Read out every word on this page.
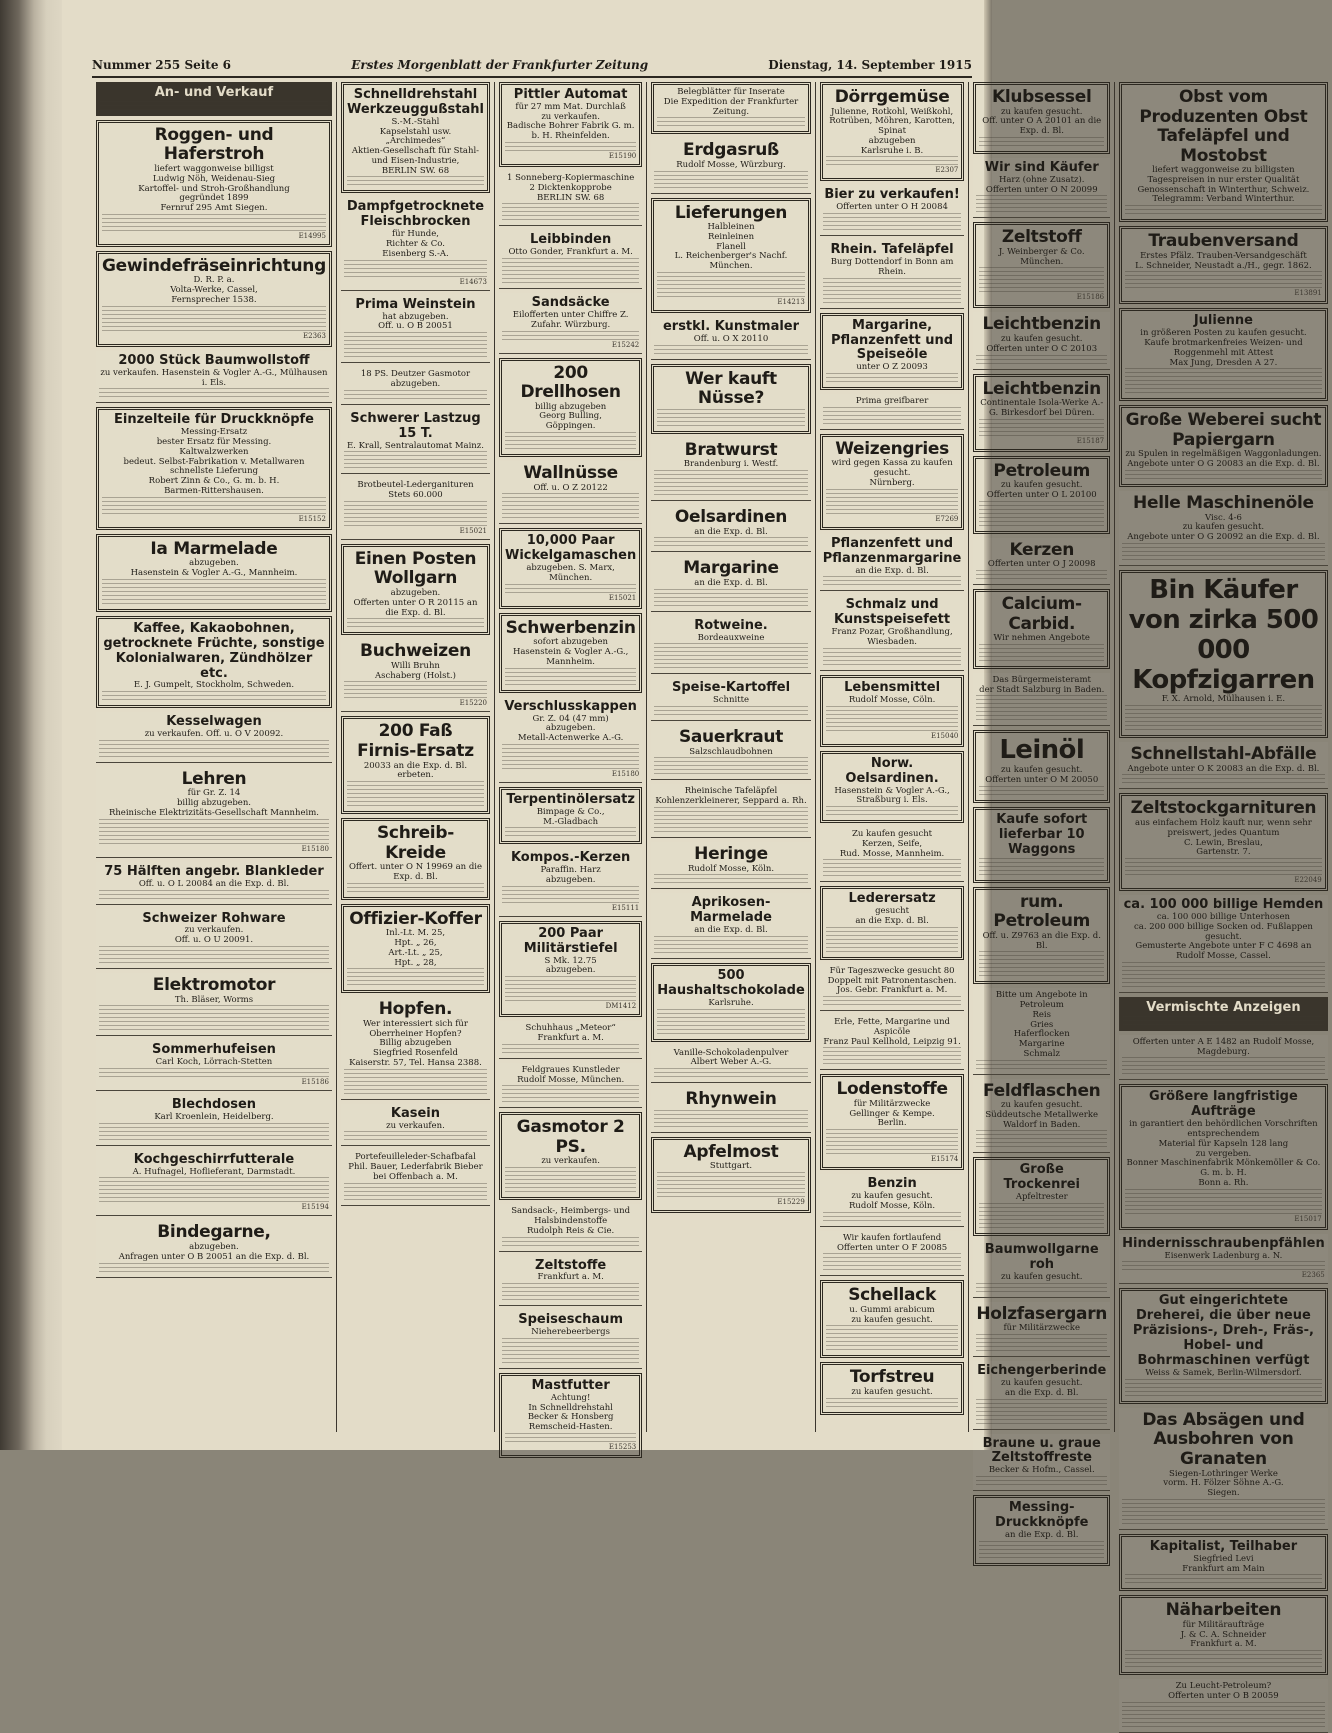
Nummer 255 Seite 6	Erstes Morgenblatt der Frankfurter Zeitung	Dienstag, 14. September 1915
An- und Verkauf
Roggen- und Haferstroh
liefert waggonweise billigst
Ludwig Nöh, Weidenau-Sieg
Kartoffel- und Stroh-Großhandlung
gegründet 1899
Fernruf 295 Amt Siegen.
E14995
Gewindefräseinrichtung
D. R. P. a.
Volta-Werke, Cassel,
Fernsprecher 1538.
E2363
2000 Stück Baumwollstoff
zu verkaufen. Hasenstein & Vogler A.-G., Mülhausen i. Els.
Einzelteile für Druckknöpfe
Messing-Ersatz
bester Ersatz für Messing.
Kaltwalzwerken
bedeut. Selbst-Fabrikation v. Metallwaren
schnellste Lieferung
Robert Zinn & Co., G. m. b. H.
Barmen-Rittershausen.
E15152
Ia Marmelade
abzugeben.
Hasenstein & Vogler A.-G., Mannheim.
Kaffee, Kakaobohnen, getrocknete Früchte, sonstige Kolonialwaren, Zündhölzer etc.
E. J. Gumpelt, Stockholm, Schweden.
Kesselwagen
zu verkaufen. Off. u. O V 20092.
Lehren
für Gr. Z. 14
billig abzugeben.
Rheinische Elektrizitäts-Gesellschaft Mannheim.
E15180
75 Hälften angebr. Blankleder
Off. u. O L 20084 an die Exp. d. Bl.
Schweizer Rohware
zu verkaufen.
Off. u. O U 20091.
Elektromotor
Th. Bläser, Worms
Sommerhufeisen
Carl Koch, Lörrach-Stetten
E15186
Blechdosen
Karl Kroenlein, Heidelberg.
Kochgeschirrfutterale
A. Hufnagel, Hoflieferant, Darmstadt.
E15194
Bindegarne,
abzugeben.
Anfragen unter O B 20051 an die Exp. d. Bl.
Schnelldrehstahl Werkzeuggußstahl
S.-M.-Stahl
Kapselstahl usw.
„Archimedes“
Aktien-Gesellschaft für Stahl- und Eisen-Industrie,
BERLIN SW. 68
Dampfgetrocknete Fleischbrocken
für Hunde,
Richter & Co.
Eisenberg S.-A.
E14673
Prima Weinstein
hat abzugeben.
Off. u. O B 20051
18 PS. Deutzer Gasmotor
abzugeben.
Schwerer Lastzug 15 T.
E. Krall, Sentralautomat Mainz.
Brotbeutel-Lederganituren
Stets 60.000
E15021
Einen Posten Wollgarn
abzugeben.
Offerten unter O R 20115 an die Exp. d. Bl.
Buchweizen
Willi Bruhn
Aschaberg (Holst.)
E15220
200 Faß Firnis-Ersatz
20033 an die Exp. d. Bl. erbeten.
Schreib-Kreide
Offert. unter O N 19969 an die Exp. d. Bl.
Offizier-Koffer
Inl.-Lt. M. 25,
Hpt. „ 26,
Art.-Lt. „ 25,
Hpt. „ 28,
Hopfen.
Wer interessiert sich für Oberrheiner Hopfen?
Billig abzugeben
Siegfried Rosenfeld
Kaiserstr. 57, Tel. Hansa 2388.
Kasein
zu verkaufen.
Portefeuilleleder-Schafbafal
Phil. Bauer, Lederfabrik Bieber bei Offenbach a. M.
Pittler Automat
für 27 mm Mat. Durchlaß
zu verkaufen.
Badische Bohrer Fabrik G. m. b. H. Rheinfelden.
E15190
1 Sonneberg-Kopiermaschine
2 Dicktenkopprobe
BERLIN SW. 68
Leibbinden
Otto Gonder, Frankfurt a. M.
Sandsäcke
Eilofferten unter Chiffre Z. Zufahr. Würzburg.
E15242
200 Drellhosen
billig abzugeben
Georg Bulling,
Göppingen.
Wallnüsse
Off. u. O Z 20122
10,000 Paar Wickelgamaschen
abzugeben. S. Marx, München.
E15021
Schwerbenzin
sofort abzugeben
Hasenstein & Vogler A.-G., Mannheim.
Verschlusskappen
Gr. Z. 04 (47 mm)
abzugeben.
Metall-Actenwerke A.-G.
E15180
Terpentinölersatz
Bimpage & Co.,
M.-Gladbach
Kompos.-Kerzen
Paraffin. Harz
abzugeben.
E15111
200 Paar Militärstiefel
S Mk. 12.75
abzugeben.
DM1412
Schuhhaus „Meteor“
Frankfurt a. M.
Feldgraues Kunstleder
Rudolf Mosse, München.
Gasmotor 2 PS.
zu verkaufen.
Sandsack-, Heimbergs- und Halsbindenstoffe
Rudolph Reis & Cie.
Zeltstoffe
Frankfurt a. M.
Speiseschaum
Nieherebeerbergs
Mastfutter
Achtung!
In Schnelldrehstahl
Becker & Honsberg
Remscheid-Hasten.
E15253
Belegblätter für Inserate
Die Expedition der Frankfurter Zeitung.
Erdgasruß
Rudolf Mosse, Würzburg.
Lieferungen
Halbleinen
Reinleinen
Flanell
L. Reichenberger's Nachf.
München.
E14213
erstkl. Kunstmaler
Off. u. O X 20110
Wer kauft Nüsse?
Bratwurst
Brandenburg i. Westf.
Oelsardinen
an die Exp. d. Bl.
Margarine
an die Exp. d. Bl.
Rotweine.
Bordeauxweine
Speise-Kartoffel
Schnitte
Sauerkraut
Salzschlaudbohnen
Rheinische Tafeläpfel
Kohlenzerkleinerer, Seppard a. Rh.
Heringe
Rudolf Mosse, Köln.
Aprikosen-Marmelade
an die Exp. d. Bl.
500 Haushaltschokolade
Karlsruhe.
Vanille-Schokoladenpulver
Albert Weber A.-G.
Rhynwein
Apfelmost
Stuttgart.
E15229
Dörrgemüse
Julienne, Rotkohl, Weißkohl, Rotrüben, Möhren, Karotten, Spinat
abzugeben
Karlsruhe i. B.
E2307
Bier zu verkaufen!
Offerten unter O H 20084
Rhein. Tafeläpfel
Burg Dottendorf in Bonn am Rhein.
Margarine, Pflanzenfett und Speiseöle
unter O Z 20093
Prima greifbarer
Weizengries
wird gegen Kassa zu kaufen gesucht.
Nürnberg.
E7269
Pflanzenfett und Pflanzenmargarine
an die Exp. d. Bl.
Schmalz und Kunstspeisefett
Franz Pozar, Großhandlung, Wiesbaden.
Lebensmittel
Rudolf Mosse, Cöln.
E15040
Norw. Oelsardinen.
Hasenstein & Vogler A.-G., Straßburg i. Els.
Zu kaufen gesucht
Kerzen, Seife,
Rud. Mosse, Mannheim.
Lederersatz
gesucht
an die Exp. d. Bl.
Für Tageszwecke gesucht 80 Doppelt mit Patronentaschen.
Jos. Gebr. Frankfurt a. M.
Erle, Fette, Margarine und Aspicöle
Franz Paul Kellhold, Leipzig 91.
Lodenstoffe
für Militärzwecke
Gellinger & Kempe.
Berlin.
E15174
Benzin
zu kaufen gesucht.
Rudolf Mosse, Köln.
Wir kaufen fortlaufend
Offerten unter O F 20085
Schellack
u. Gummi arabicum
zu kaufen gesucht.
Torfstreu
zu kaufen gesucht.
Klubsessel
zu kaufen gesucht.
Off. unter O A 20101 an die Exp. d. Bl.
Wir sind Käufer
Harz (ohne Zusatz).
Offerten unter O N 20099
Zeltstoff
J. Weinberger & Co. München.
E15186
Leichtbenzin
zu kaufen gesucht.
Offerten unter O C 20103
Leichtbenzin
Continentale Isola-Werke A.-G. Birkesdorf bei Düren.
E15187
Petroleum
zu kaufen gesucht.
Offerten unter O L 20100
Kerzen
Offerten unter O J 20098
Calcium-Carbid.
Wir nehmen Angebote
Das Bürgermeisteramt
der Stadt Salzburg in Baden.
Leinöl
zu kaufen gesucht.
Offerten unter O M 20050
Kaufe sofort lieferbar 10 Waggons
rum. Petroleum
Off. u. Z9763 an die Exp. d. Bl.
Bitte um Angebote in Petroleum
Reis
Gries
Haferflocken
Margarine
Schmalz
Feldflaschen
zu kaufen gesucht.
Süddeutsche Metallwerke
Waldorf in Baden.
Große Trockenrei
Apfeltrester
Baumwollgarne roh
zu kaufen gesucht.
Holzfasergarn
für Militärzwecke
Eichengerberinde
zu kaufen gesucht.
an die Exp. d. Bl.
Braune u. graue Zeltstoffreste
Becker & Hofm., Cassel.
Messing-Druckknöpfe
an die Exp. d. Bl.
Obst vom Produzenten Obst Tafeläpfel und Mostobst
liefert waggonweise zu billigsten Tagespreisen in nur erster Qualität
Genossenschaft in Winterthur, Schweiz.
Telegramm: Verband Winterthur.
Traubenversand
Erstes Pfälz. Trauben-Versandgeschäft
L. Schneider, Neustadt a./H., gegr. 1862.
E13891
Julienne
in größeren Posten zu kaufen gesucht.
Kaufe brotmarkenfreies Weizen- und Roggenmehl mit Attest
Max Jung, Dresden A 27.
Große Weberei sucht Papiergarn
zu Spulen in regelmäßigen Waggonladungen.
Angebote unter O G 20083 an die Exp. d. Bl.
Helle Maschinenöle
Visc. 4-6
zu kaufen gesucht.
Angebote unter O G 20092 an die Exp. d. Bl.
Bin Käufer von zirka 500 000 Kopfzigarren
F. X. Arnold, Mülhausen i. E.
Schnellstahl-Abfälle
Angebote unter O K 20083 an die Exp. d. Bl.
Zeltstockgarnituren
aus einfachem Holz kauft nur, wenn sehr preiswert, jedes Quantum
C. Lewin, Breslau,
Gartenstr. 7.
E22049
ca. 100 000 billige Hemden
ca. 100 000 billige Unterhosen
ca. 200 000 billige Socken od. Fußlappen
gesucht.
Gemusterte Angebote unter F C 4698 an Rudolf Mosse, Cassel.
Vermischte Anzeigen
Offerten unter A E 1482 an Rudolf Mosse, Magdeburg.
Größere langfristige Aufträge
in garantiert den behördlichen Vorschriften entsprechendem
Material für Kapseln 128 lang
zu vergeben.
Bonner Maschinenfabrik Mönkemöller & Co. G. m. b. H.
Bonn a. Rh.
E15017
Hindernisschraubenpfählen
Eisenwerk Ladenburg a. N.
E2365
Gut eingerichtete Dreherei, die über neue Präzisions-, Dreh-, Fräs-, Hobel- und Bohrmaschinen verfügt
Weiss & Samek, Berlin-Wilmersdorf.
Das Absägen und Ausbohren von Granaten
Siegen-Lothringer Werke
vorm. H. Fölzer Söhne A.-G.
Siegen.
Kapitalist, Teilhaber
Siegfried Levi
Frankfurt am Main
Näharbeiten
für Militäraufträge
J. & C. A. Schneider
Frankfurt a. M.
Zu Leucht-Petroleum?
Offerten unter O B 20059
